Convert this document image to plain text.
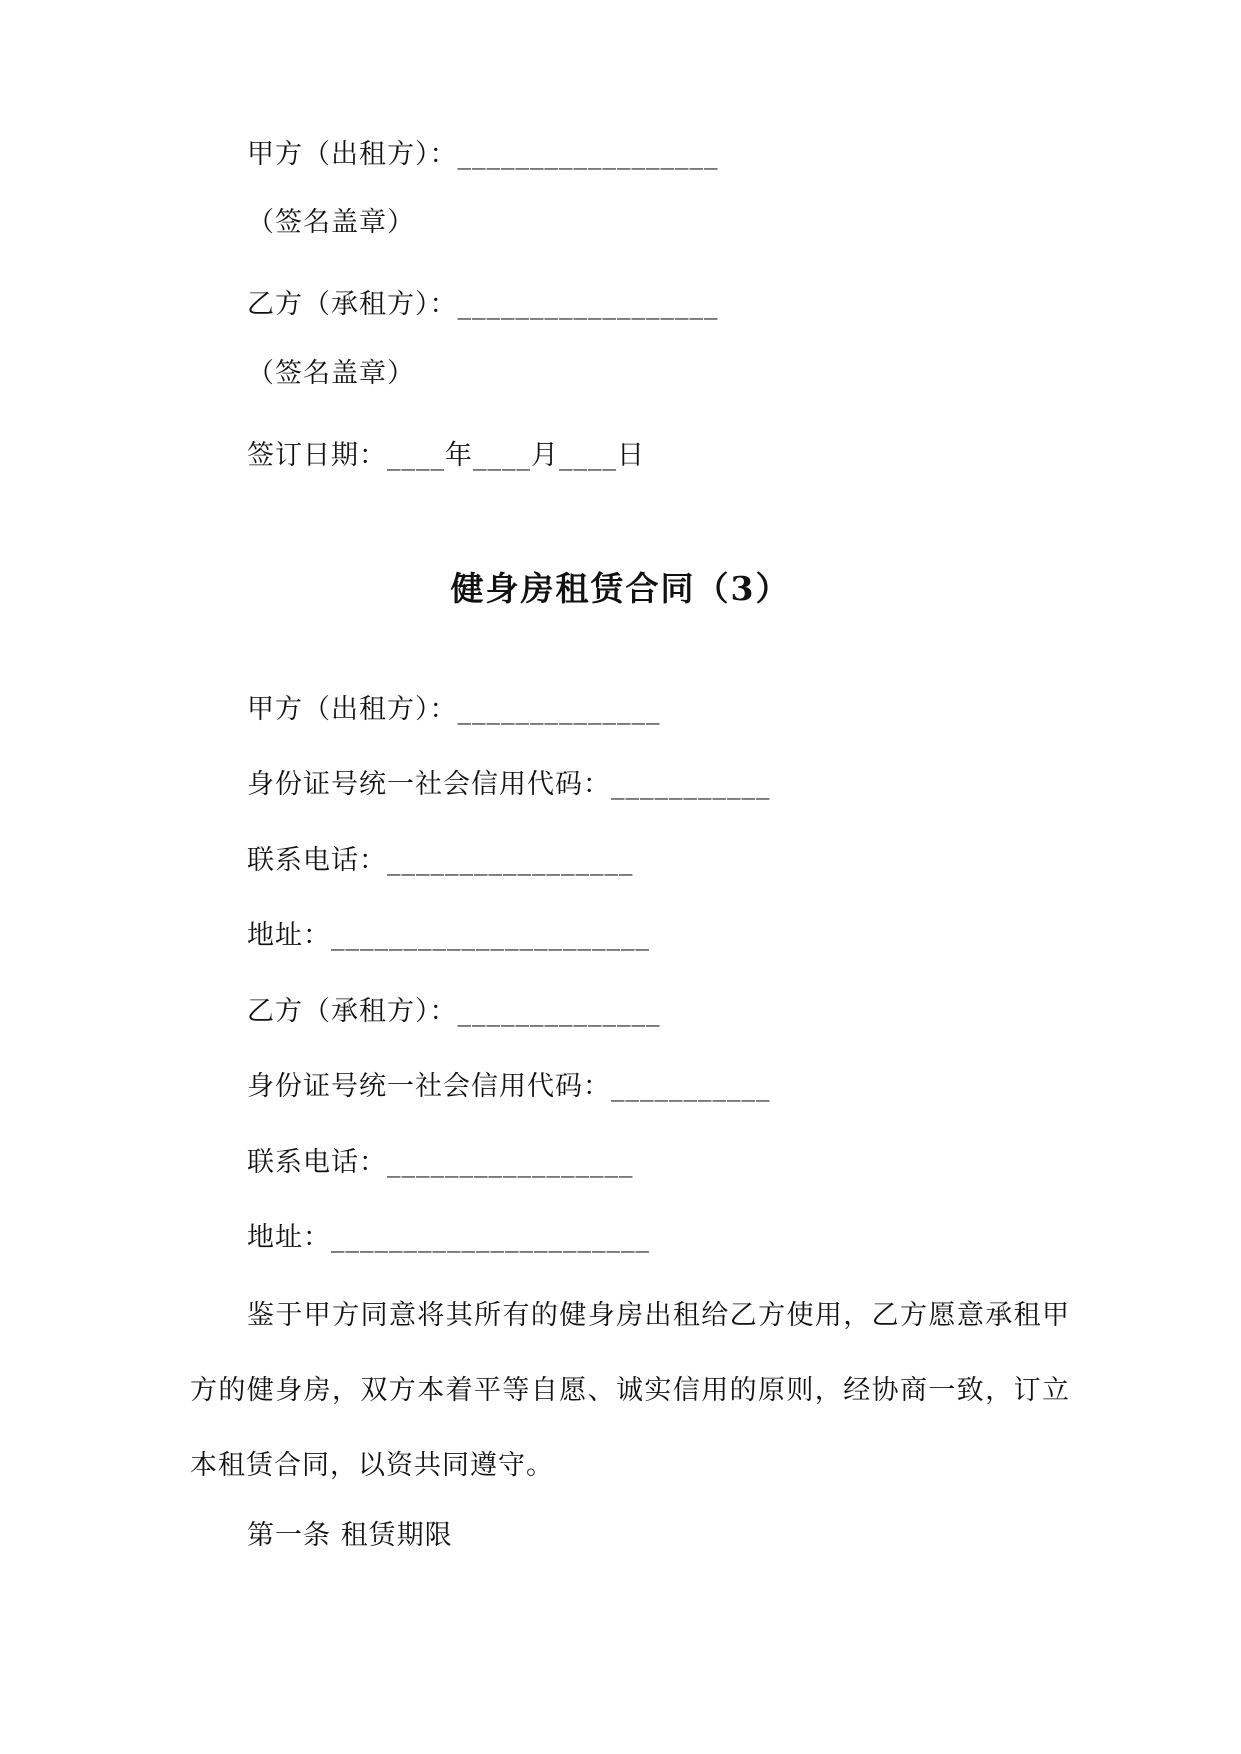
甲方（出租方）：__________________
（签名盖章）
乙方（承租方）：__________________
（签名盖章）
签订日期：____年____月____日
健身房租赁合同（3）
甲方（出租方）：______________
身份证号统一社会信用代码：___________
联系电话：_________________
地址：______________________
乙方（承租方）：______________
身份证号统一社会信用代码：___________
联系电话：_________________
地址：______________________
鉴于甲方同意将其所有的健身房出租给乙方使用，乙方愿意承租甲方的健身房，双方本着平等自愿、诚实信用的原则，经协商一致，订立本租赁合同，以资共同遵守。
第一条 租赁期限
